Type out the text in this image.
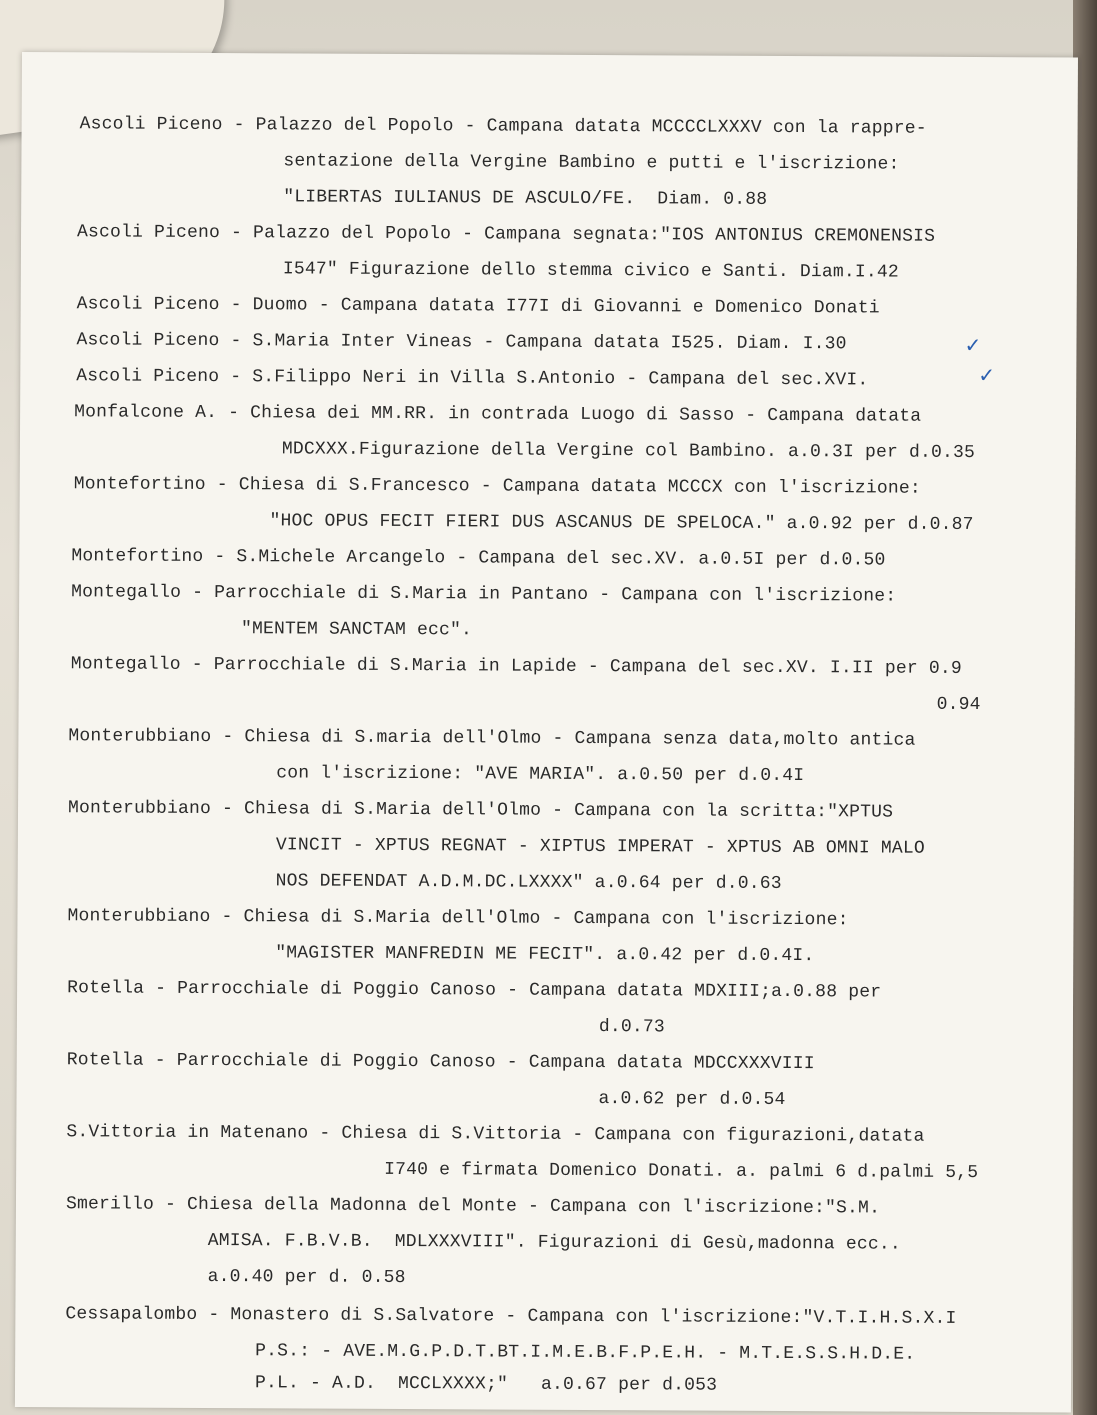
Ascoli Piceno - Palazzo del Popolo - Campana datata MCCCCLXXXV con la rappre-
sentazione della Vergine Bambino e putti e l'iscrizione:
"LIBERTAS IULIANUS DE ASCULO/FE.  Diam. 0.88
Ascoli Piceno - Palazzo del Popolo - Campana segnata:"IOS ANTONIUS CREMONENSIS
I547" Figurazione dello stemma civico e Santi. Diam.I.42
Ascoli Piceno - Duomo - Campana datata I77I di Giovanni e Domenico Donati
Ascoli Piceno - S.Maria Inter Vineas - Campana datata I525. Diam. I.30	✓
Ascoli Piceno - S.Filippo Neri in Villa S.Antonio - Campana del sec.XVI.	✓
Monfalcone A. - Chiesa dei MM.RR. in contrada Luogo di Sasso - Campana datata
MDCXXX.Figurazione della Vergine col Bambino. a.0.3I per d.0.35
Montefortino - Chiesa di S.Francesco - Campana datata MCCCX con l'iscrizione:
"HOC OPUS FECIT FIERI DUS ASCANUS DE SPELOCA." a.0.92 per d.0.87
Montefortino - S.Michele Arcangelo - Campana del sec.XV. a.0.5I per d.0.50
Montegallo - Parrocchiale di S.Maria in Pantano - Campana con l'iscrizione:
"MENTEM SANCTAM ecc".
Montegallo - Parrocchiale di S.Maria in Lapide - Campana del sec.XV. I.II per 0.9
0.94
Monterubbiano - Chiesa di S.maria dell'Olmo - Campana senza data,molto antica
con l'iscrizione: "AVE MARIA". a.0.50 per d.0.4I
Monterubbiano - Chiesa di S.Maria dell'Olmo - Campana con la scritta:"XPTUS
VINCIT - XPTUS REGNAT - XIPTUS IMPERAT - XPTUS AB OMNI MALO
NOS DEFENDAT A.D.M.DC.LXXXX" a.0.64 per d.0.63
Monterubbiano - Chiesa di S.Maria dell'Olmo - Campana con l'iscrizione:
"MAGISTER MANFREDIN ME FECIT". a.0.42 per d.0.4I.
Rotella - Parrocchiale di Poggio Canoso - Campana datata MDXIII;a.0.88 per
d.0.73
Rotella - Parrocchiale di Poggio Canoso - Campana datata MDCCXXXVIII
a.0.62 per d.0.54
S.Vittoria in Matenano - Chiesa di S.Vittoria - Campana con figurazioni,datata
I740 e firmata Domenico Donati. a. palmi 6 d.palmi 5,5
Smerillo - Chiesa della Madonna del Monte - Campana con l'iscrizione:"S.M.
AMISA. F.B.V.B.  MDLXXXVIII". Figurazioni di Gesù,madonna ecc..
a.0.40 per d. 0.58
Cessapalombo - Monastero di S.Salvatore - Campana con l'iscrizione:"V.T.I.H.S.X.I
P.S.: - AVE.M.G.P.D.T.BT.I.M.E.B.F.P.E.H. - M.T.E.S.S.H.D.E.
P.L. - A.D.  MCCLXXXX;"   a.0.67 per d.053
